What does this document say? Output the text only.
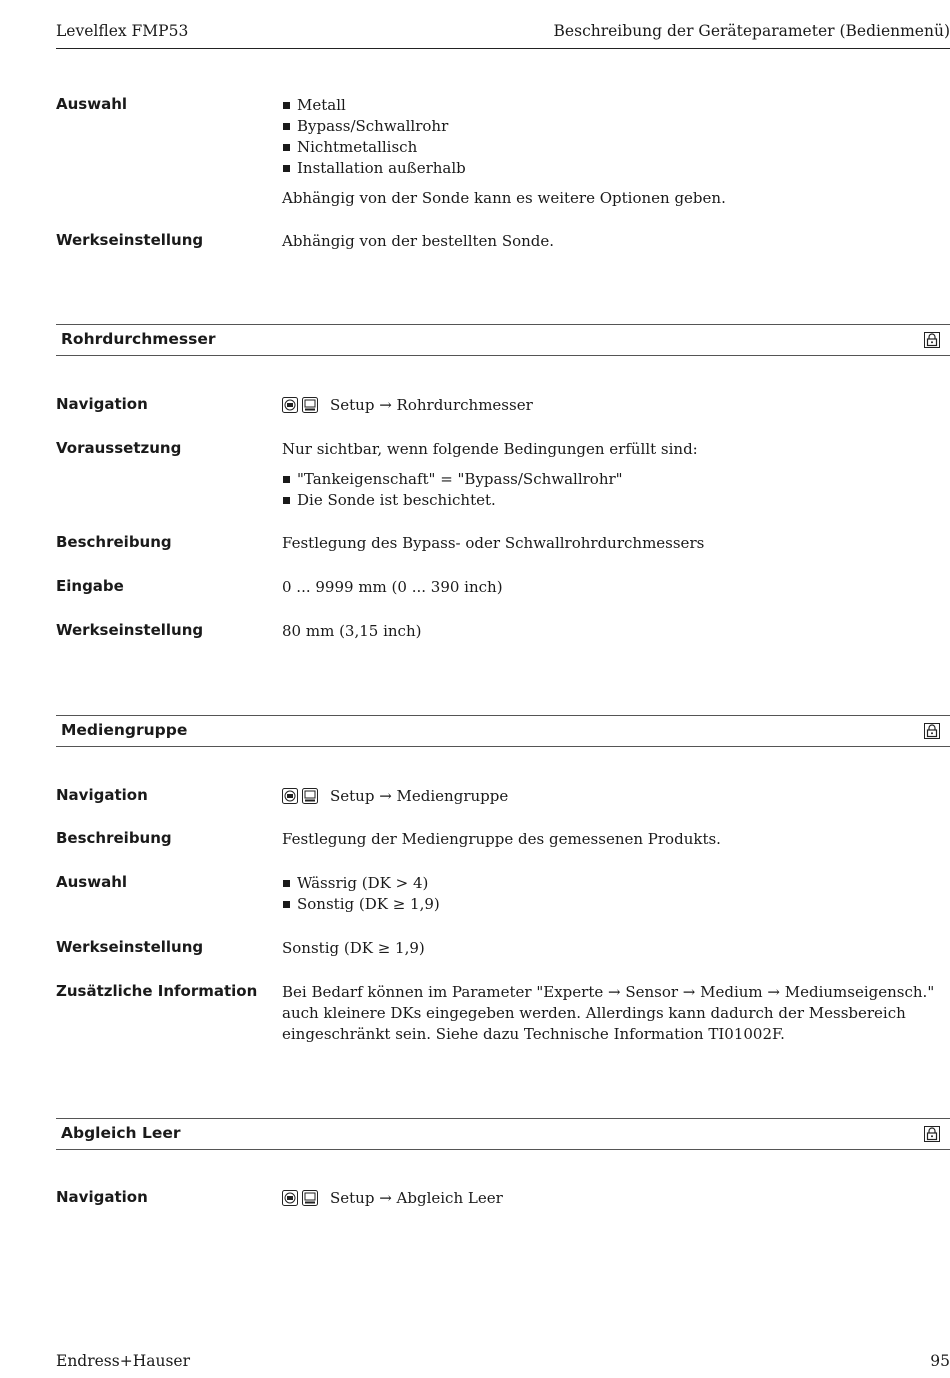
Levelflex FMP53	Beschreibung der Geräteparameter (Bedienmenü)
Auswahl	Metall
Bypass/Schwallrohr
Nichtmetallisch
Installation außerhalb

Abhängig von der Sonde kann es weitere Optionen geben.

Werkseinstellung	Abhängig von der bestellten Sonde.
Rohrdurchmesser
Navigation	Setup → Rohrdurchmesser
Voraussetzung	Nur sichtbar, wenn folgende Bedingungen erfüllt sind:

"Tankeigenschaft" = "Bypass/Schwallrohr"
Die Sonde ist beschichtet.
Beschreibung	Festlegung des Bypass- oder Schwallrohrdurchmessers
Eingabe	0 ... 9999 mm (0 ... 390 inch)
Werkseinstellung	80 mm (3,15 inch)
Mediengruppe
Navigation	Setup → Mediengruppe
Beschreibung	Festlegung der Mediengruppe des gemessenen Produkts.
Auswahl	Wässrig (DK > 4)
Sonstig (DK ≥ 1,9)
Werkseinstellung	Sonstig (DK ≥ 1,9)
Zusätzliche Information	Bei Bedarf können im Parameter "Experte → Sensor → Medium → Mediumseigensch." auch kleinere DKs eingegeben werden. Allerdings kann dadurch der Messbereich eingeschränkt sein. Siehe dazu Technische Information TI01002F.
Abgleich Leer
Navigation	Setup → Abgleich Leer
Endress+Hauser	95
